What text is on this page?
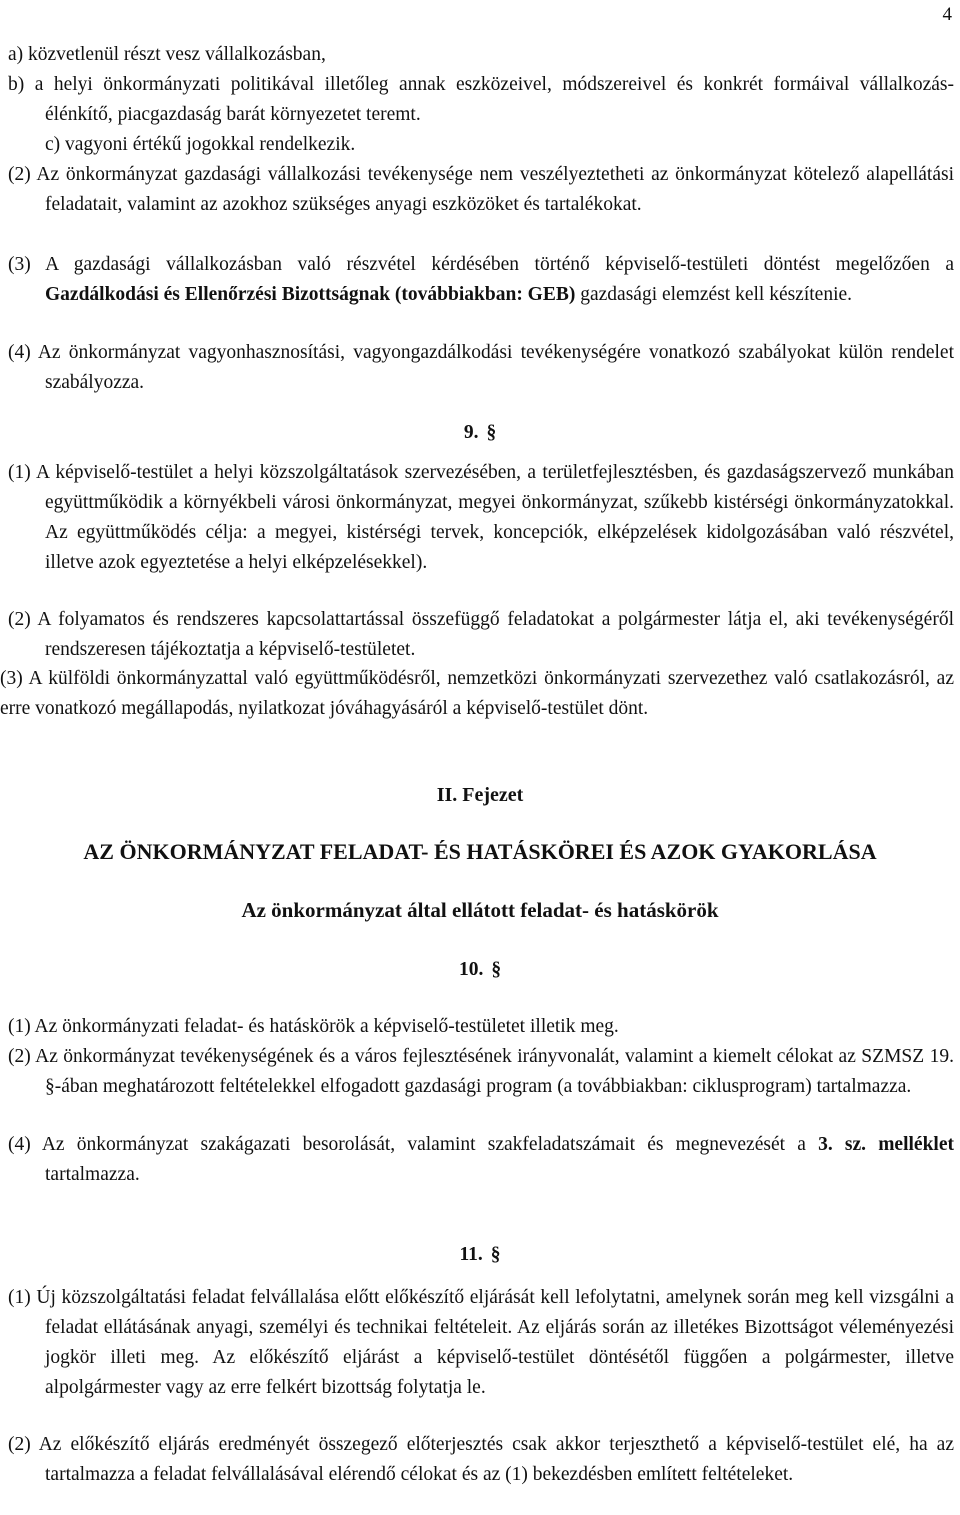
4
a) közvetlenül részt vesz vállalkozásban,
b) a helyi önkormányzati politikával illetőleg annak eszközeivel, módszereivel és konkrét formáival vállalkozás-élénkítő, piacgazdaság barát környezetet teremt.
c) vagyoni értékű jogokkal rendelkezik.
(2) Az önkormányzat gazdasági vállalkozási tevékenysége nem veszélyeztetheti az önkormányzat kötelező alapellátási feladatait, valamint az azokhoz szükséges anyagi eszközöket és tartalékokat.
(3) A gazdasági vállalkozásban való részvétel kérdésében történő képviselő-testületi döntést megelőzően a Gazdálkodási és Ellenőrzési Bizottságnak (továbbiakban: GEB) gazdasági elemzést kell készítenie.
(4) Az önkormányzat vagyonhasznosítási, vagyongazdálkodási tevékenységére vonatkozó szabályokat külön rendelet szabályozza.
9. §
(1) A képviselő-testület a helyi közszolgáltatások szervezésében, a területfejlesztésben, és gazdaságszervező munkában együttműködik a környékbeli városi önkormányzat, megyei önkormányzat, szűkebb kistérségi önkormányzatokkal. Az együttműködés célja: a megyei, kistérségi tervek, koncepciók, elképzelések kidolgozásában való részvétel, illetve azok egyeztetése a helyi elképzelésekkel).
(2) A folyamatos és rendszeres kapcsolattartással összefüggő feladatokat a polgármester látja el, aki tevékenységéről rendszeresen tájékoztatja a képviselő-testületet.
(3) A külföldi önkormányzattal való együttműködésről, nemzetközi önkormányzati szervezethez való csatlakozásról, az erre vonatkozó megállapodás, nyilatkozat jóváhagyásáról a képviselő-testület dönt.
II. Fejezet
AZ ÖNKORMÁNYZAT FELADAT- ÉS HATÁSKÖREI ÉS AZOK GYAKORLÁSA
Az önkormányzat által ellátott feladat- és hatáskörök
10. §
(1) Az önkormányzati feladat- és hatáskörök a képviselő-testületet illetik meg.
(2) Az önkormányzat tevékenységének és a város fejlesztésének irányvonalát, valamint a kiemelt célokat az SZMSZ 19. §-ában meghatározott feltételekkel elfogadott gazdasági program (a továbbiakban: ciklusprogram) tartalmazza.
(4) Az önkormányzat szakágazati besorolását, valamint szakfeladatszámait és megnevezését a 3. sz. melléklet tartalmazza.
11. §
(1) Új közszolgáltatási feladat felvállalása előtt előkészítő eljárását kell lefolytatni, amelynek során meg kell vizsgálni a feladat ellátásának anyagi, személyi és technikai feltételeit. Az eljárás során az illetékes Bizottságot véleményezési jogkör illeti meg. Az előkészítő eljárást a képviselő-testület döntésétől függően a polgármester, illetve alpolgármester vagy az erre felkért bizottság folytatja le.
(2) Az előkészítő eljárás eredményét összegező előterjesztés csak akkor terjeszthető a képviselő-testület elé, ha az tartalmazza a feladat felvállalásával elérendő célokat és az (1) bekezdésben említett feltételeket.
